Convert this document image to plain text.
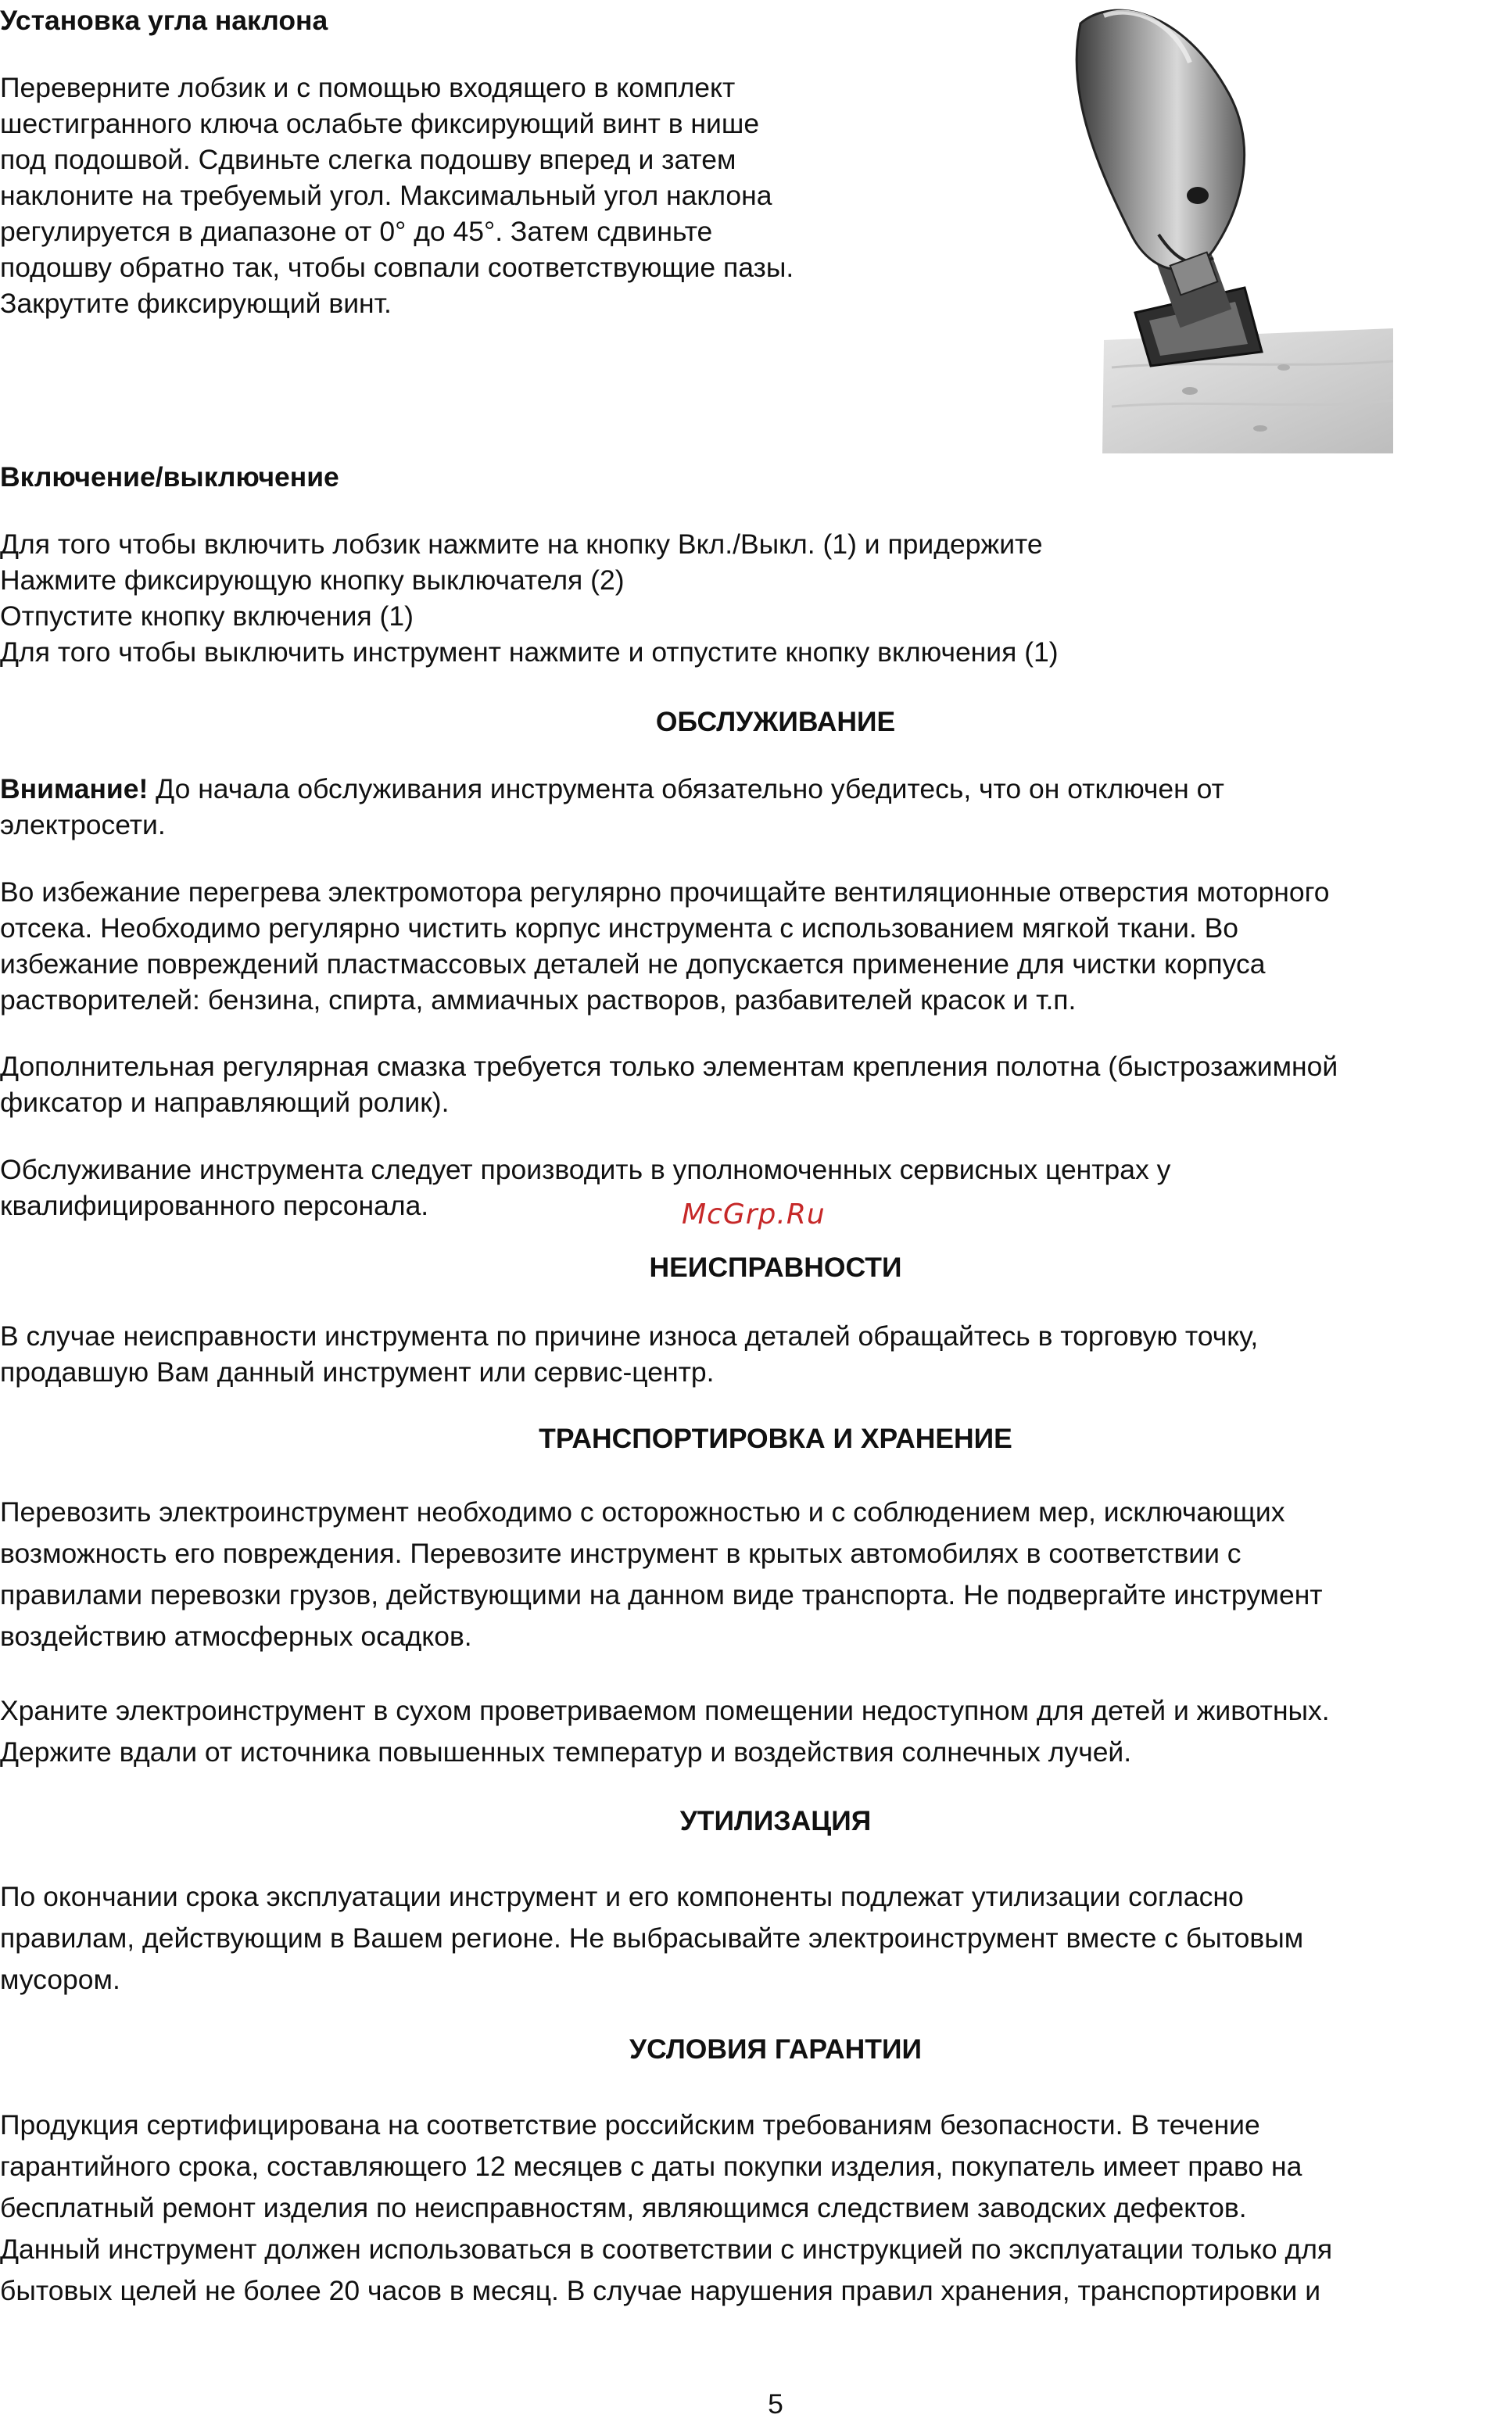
Установка угла наклона
Переверните лобзик и с помощью входящего в комплект
шестигранного ключа ослабьте фиксирующий винт в нише
под подошвой. Сдвиньте слегка подошву вперед и затем
наклоните на требуемый угол. Максимальный угол наклона
регулируется в диапазоне от 0° до 45°. Затем сдвиньте
подошву обратно так, чтобы совпали соответствующие пазы.
Закрутите фиксирующий винт.
Включение/выключение
Для того чтобы включить лобзик нажмите на кнопку Вкл./Выкл. (1) и придержите
Нажмите фиксирующую кнопку выключателя (2)
Отпустите кнопку включения (1)
Для того чтобы выключить инструмент нажмите и отпустите кнопку включения (1)
ОБСЛУЖИВАНИЕ
Внимание! До начала обслуживания инструмента обязательно убедитесь, что он отключен от
электросети.
Во избежание перегрева электромотора регулярно прочищайте вентиляционные отверстия моторного
отсека. Необходимо регулярно чистить корпус инструмента с использованием мягкой ткани. Во
избежание повреждений пластмассовых деталей не допускается применение для чистки корпуса
растворителей: бензина, спирта, аммиачных растворов, разбавителей красок и т.п.
Дополнительная регулярная смазка требуется только элементам крепления полотна (быстрозажимной
фиксатор и направляющий ролик).
Обслуживание инструмента следует производить в уполномоченных сервисных центрах у
квалифицированного персонала.	McGrp.Ru
НЕИСПРАВНОСТИ
В случае неисправности инструмента по причине износа деталей обращайтесь в торговую точку,
продавшую Вам данный инструмент или сервис-центр.
ТРАНСПОРТИРОВКА И ХРАНЕНИЕ
Перевозить электроинструмент необходимо с осторожностью и с соблюдением мер, исключающих
возможность его повреждения. Перевозите инструмент в крытых автомобилях в соответствии с
правилами перевозки грузов, действующими на данном виде транспорта. Не подвергайте инструмент
воздействию атмосферных осадков.
Храните электроинструмент в сухом проветриваемом помещении недоступном для детей и животных.
Держите вдали от источника повышенных температур и воздействия солнечных лучей.
УТИЛИЗАЦИЯ
По окончании срока эксплуатации инструмент и его компоненты подлежат утилизации согласно
правилам, действующим в Вашем регионе. Не выбрасывайте электроинструмент вместе с бытовым
мусором.
УСЛОВИЯ ГАРАНТИИ
Продукция сертифицирована на соответствие российским требованиям безопасности. В течение
гарантийного срока, составляющего 12 месяцев с даты покупки изделия, покупатель имеет право на
бесплатный ремонт изделия по неисправностям, являющимся следствием заводских дефектов.
Данный инструмент должен использоваться в соответствии с инструкцией по эксплуатации только для
бытовых целей не более 20 часов в месяц. В случае нарушения правил хранения, транспортировки и
5
